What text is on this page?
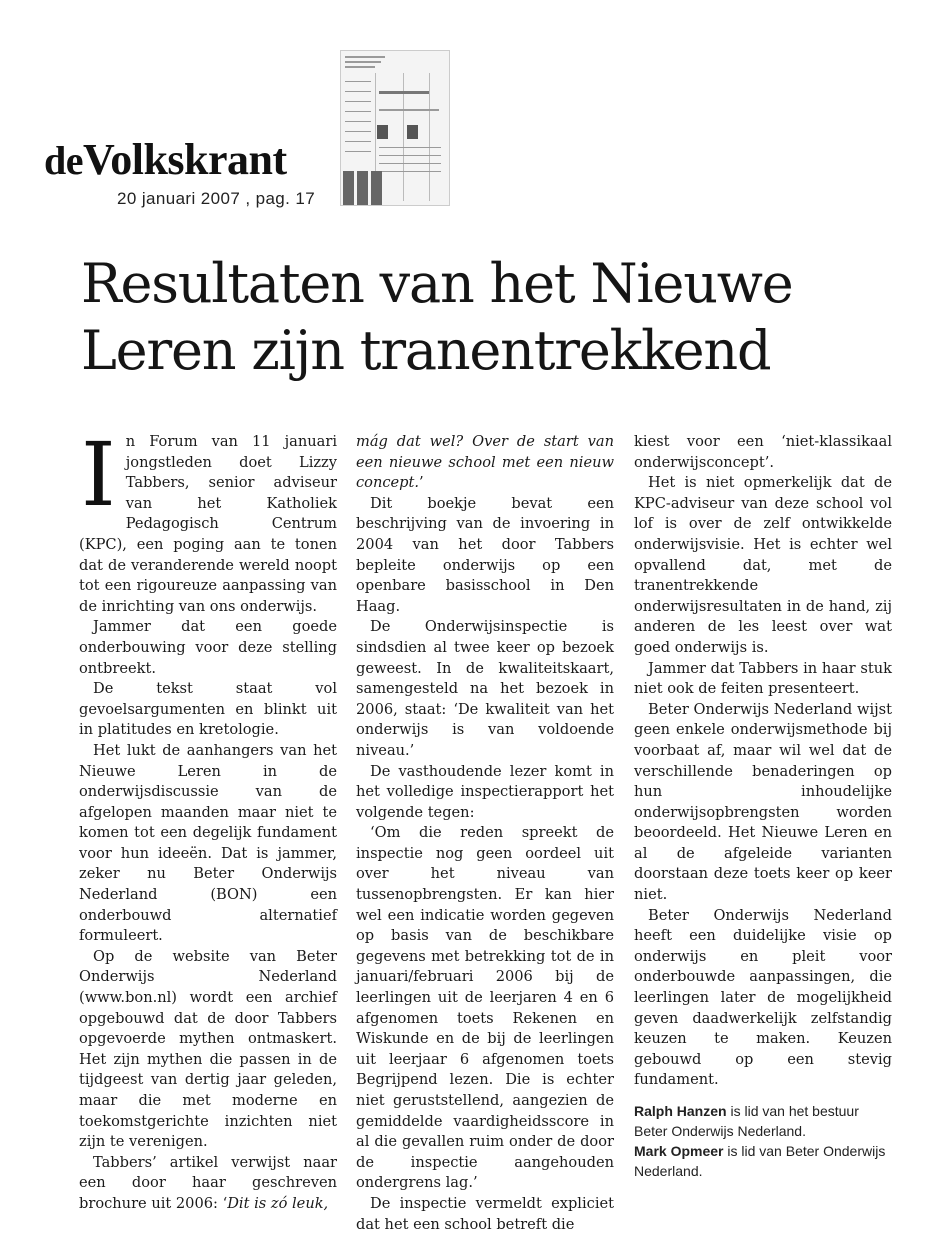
deVolkskrant
20 januari 2007 , pag. 17
Resultaten van het Nieuwe
Leren zijn tranentrekkend

In Forum van 11 januari jongstleden doet Lizzy Tabbers, senior adviseur van het Katholiek Pedagogisch Centrum (KPC), een poging aan te tonen dat de veranderende wereld noopt tot een rigoureuze aanpassing van de inrichting van ons onderwijs.

Jammer dat een goede onderbouwing voor deze stelling ontbreekt.

De tekst staat vol gevoelsargumenten en blinkt uit in platitudes en kretologie.

Het lukt de aanhangers van het Nieuwe Leren in de onderwijsdiscussie van de afgelopen maanden maar niet te komen tot een degelijk fundament voor hun ideeën. Dat is jammer, zeker nu Beter Onderwijs Nederland (BON) een onderbouwd alternatief formuleert.

Op de website van Beter Onderwijs Nederland (www.bon.nl) wordt een archief opgebouwd dat de door Tabbers opgevoerde mythen ontmaskert. Het zijn mythen die passen in de tijdgeest van dertig jaar geleden, maar die met moderne en toekomstgerichte inzichten niet zijn te verenigen.

Tabbers’ artikel verwijst naar een door haar geschreven brochure uit 2006: ‘Dit is zó leuk,

mág dat wel? Over de start van een nieuwe school met een nieuw concept.’

Dit boekje bevat een beschrijving van de invoering in 2004 van het door Tabbers bepleite onderwijs op een openbare basisschool in Den Haag.

De Onderwijsinspectie is sindsdien al twee keer op bezoek geweest. In de kwaliteitskaart, samengesteld na het bezoek in 2006, staat: ‘De kwaliteit van het onderwijs is van voldoende niveau.’

De vasthoudende lezer komt in het volledige inspectierapport het volgende tegen:

‘Om die reden spreekt de inspectie nog geen oordeel uit over het niveau van tussenopbrengsten. Er kan hier wel een indicatie worden gegeven op basis van de beschikbare gegevens met betrekking tot de in januari/februari 2006 bij de leerlingen uit de leerjaren 4 en 6 afgenomen toets Rekenen en Wiskunde en de bij de leerlingen uit leerjaar 6 afgenomen toets Begrijpend lezen. Die is echter niet geruststellend, aangezien de gemiddelde vaardigheidsscore in al die gevallen ruim onder de door de inspectie aangehouden ondergrens lag.’

De inspectie vermeldt expliciet dat het een school betreft die

kiest voor een ‘niet-klassikaal onderwijsconcept’.

Het is niet opmerkelijk dat de KPC-adviseur van deze school vol lof is over de zelf ontwikkelde onderwijsvisie. Het is echter wel opvallend dat, met de tranentrekkende onderwijsresultaten in de hand, zij anderen de les leest over wat goed onderwijs is.

Jammer dat Tabbers in haar stuk niet ook de feiten presenteert.

Beter Onderwijs Nederland wijst geen enkele onderwijsmethode bij voorbaat af, maar wil wel dat de verschillende benaderingen op hun inhoudelijke onderwijsopbrengsten worden beoordeeld. Het Nieuwe Leren en al de afgeleide varianten doorstaan deze toets keer op keer niet.

Beter Onderwijs Nederland heeft een duidelijke visie op onderwijs en pleit voor onderbouwde aanpassingen, die leerlingen later de mogelijkheid geven daadwerkelijk zelfstandig keuzen te maken. Keuzen gebouwd op een stevig fundament.

Ralph Hanzen is lid van het bestuur Beter Onderwijs Nederland.
Mark Opmeer is lid van Beter Onderwijs Nederland.
